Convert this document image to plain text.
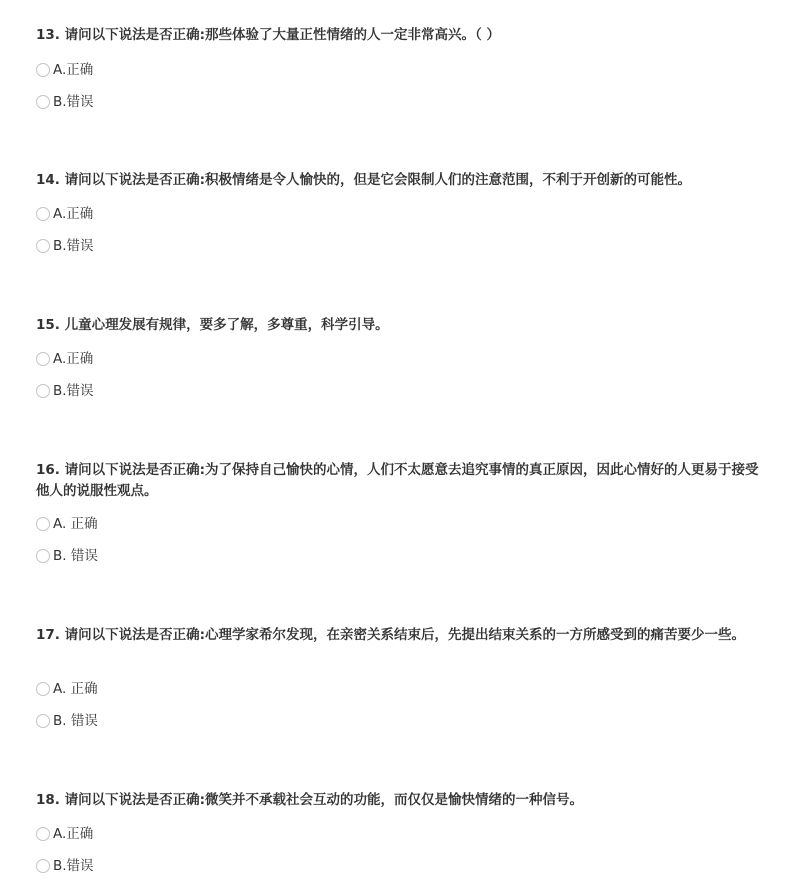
13. 请问以下说法是否正确:那些体验了大量正性情绪的人一定非常高兴。（ ）

A.正确
B.错误

14. 请问以下说法是否正确:积极情绪是令人愉快的，但是它会限制人们的注意范围，不利于开创新的可能性。

A.正确
B.错误

15. 儿童心理发展有规律，要多了解，多尊重，科学引导。

A.正确
B.错误

16. 请问以下说法是否正确:为了保持自己愉快的心情，人们不太愿意去追究事情的真正原因，因此心情好的人更易于接受他人的说服性观点。

A. 正确
B. 错误

17. 请问以下说法是否正确:心理学家希尔发现，在亲密关系结束后，先提出结束关系的一方所感受到的痛苦要少一些。

A. 正确
B. 错误

18. 请问以下说法是否正确:微笑并不承载社会互动的功能，而仅仅是愉快情绪的一种信号。

A.正确
B.错误
